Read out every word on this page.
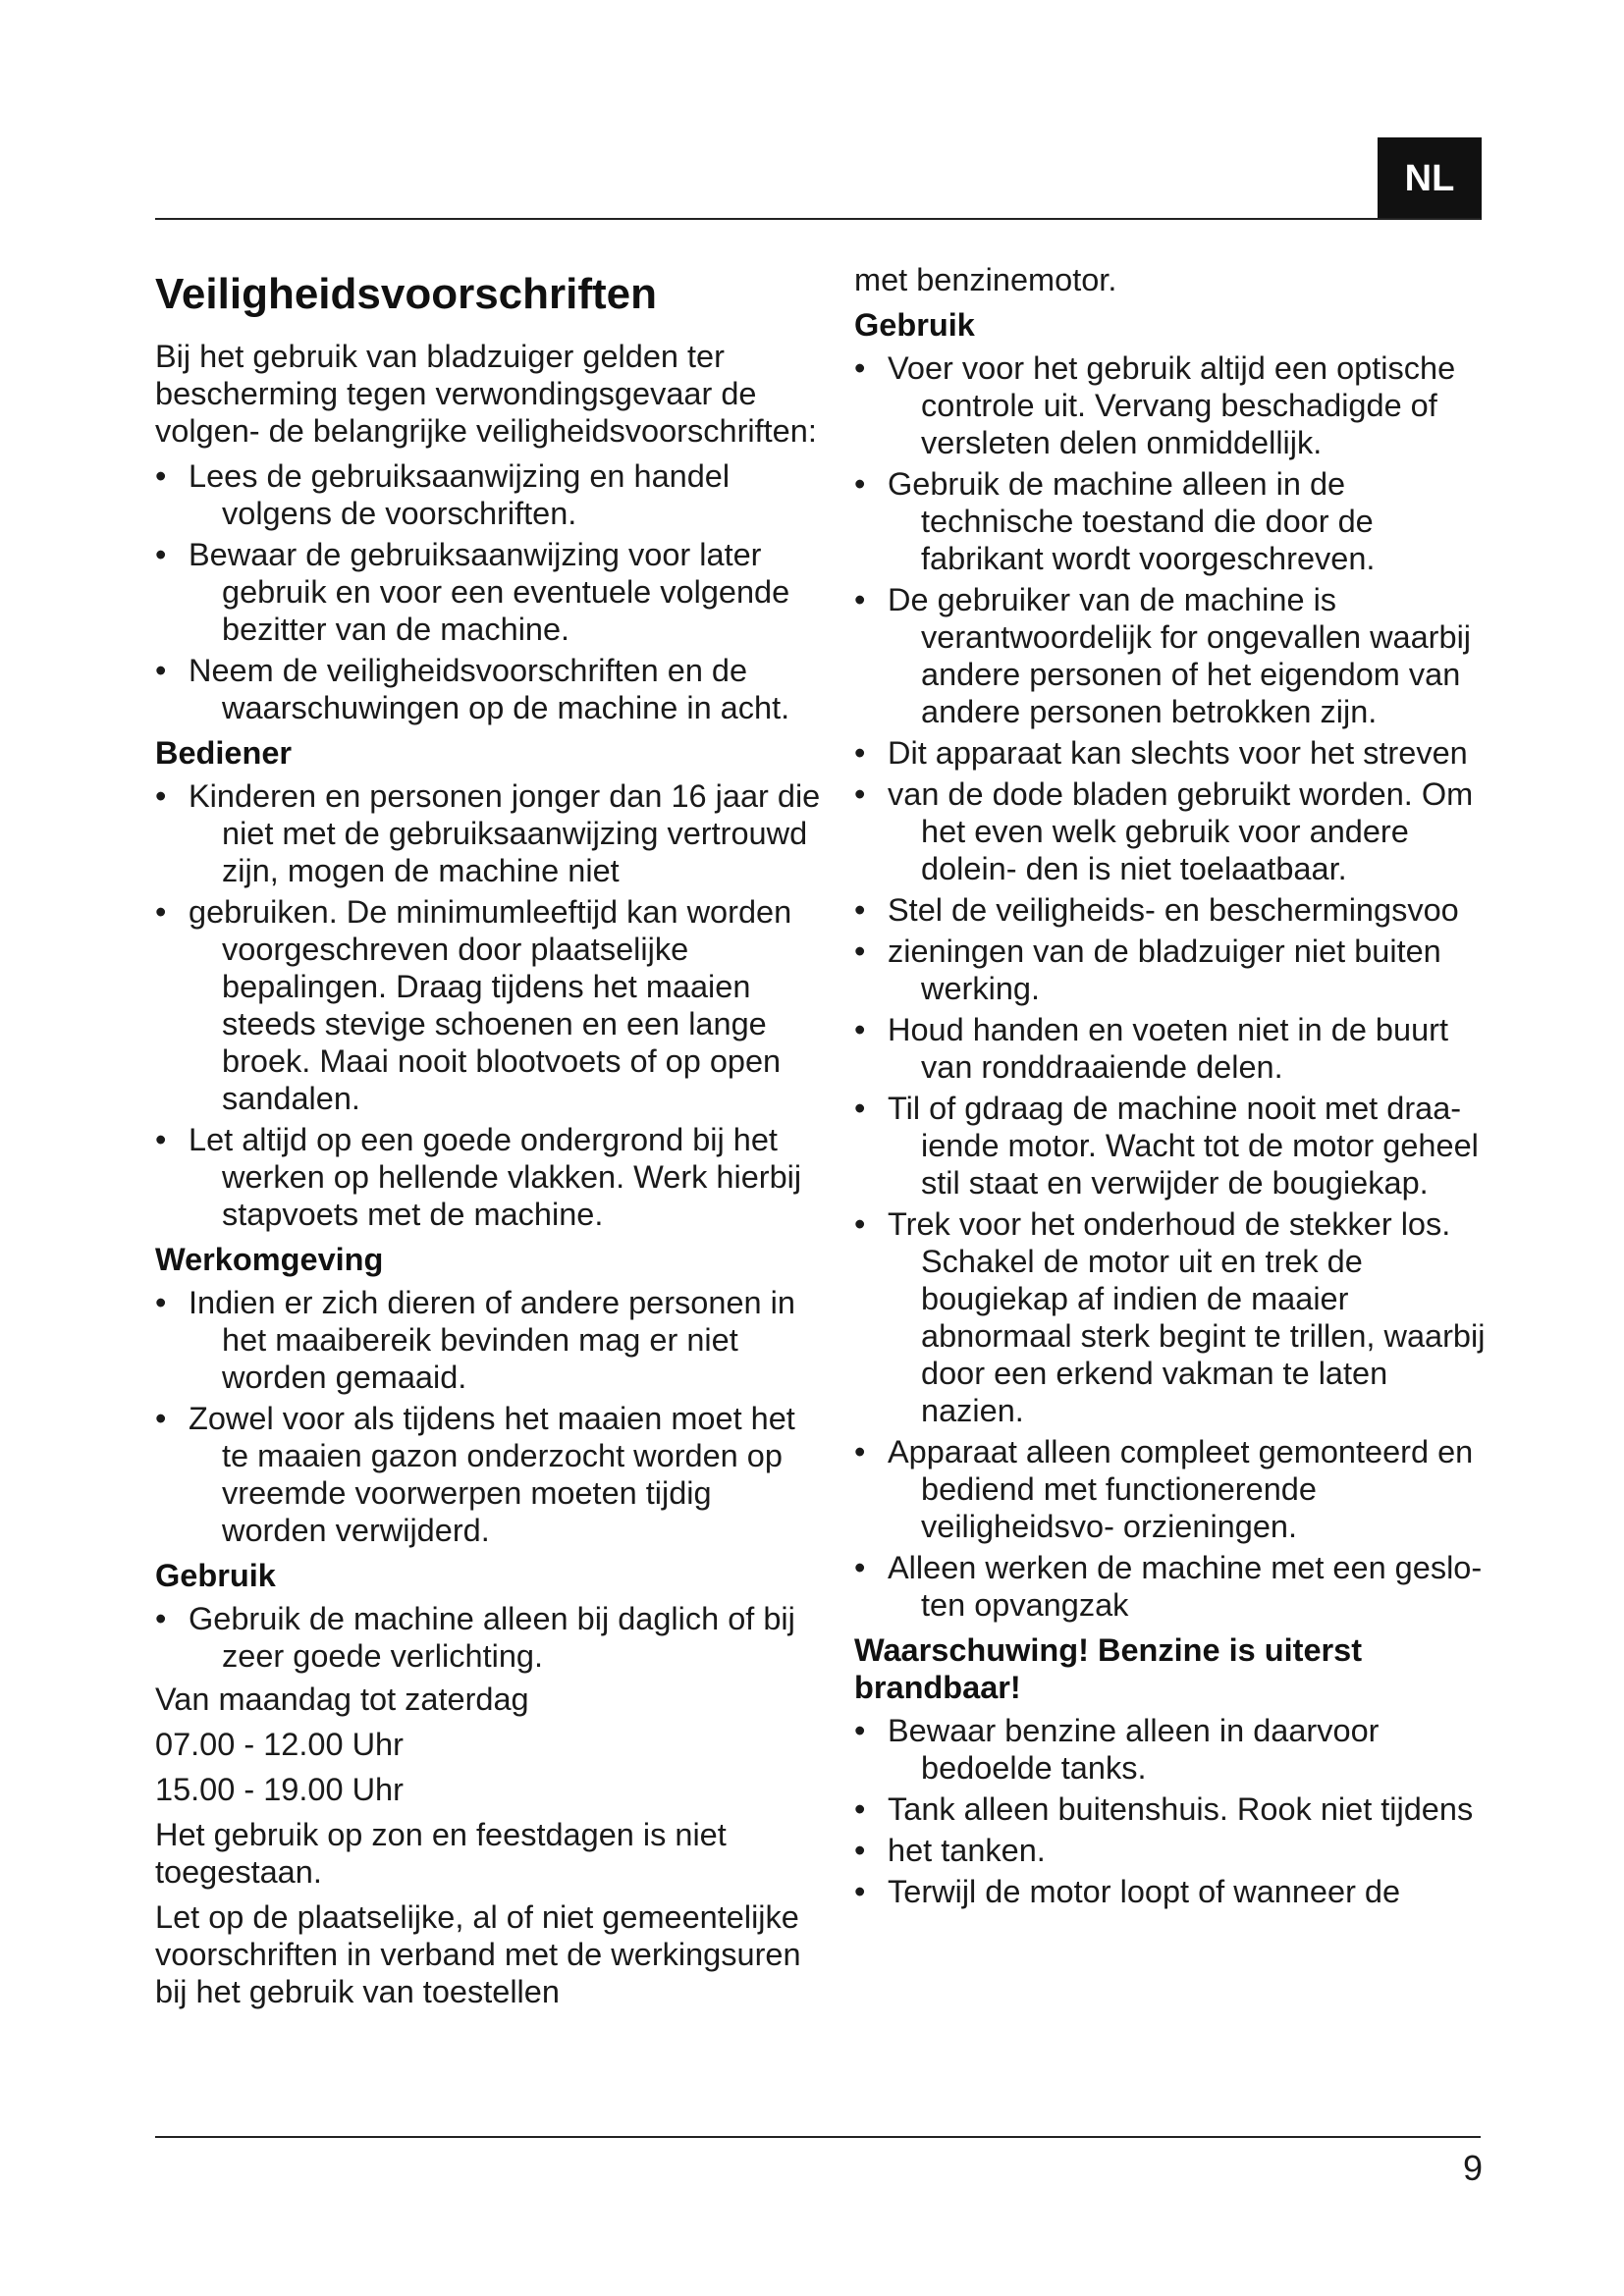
NL
Veiligheidsvoorschriften

Bij het gebruik van bladzuiger gelden ter bescherming tegen verwondingsgevaar de volgen- de belangrijke veiligheidsvoorschriften:

• Lees de gebruiksaanwijzing en handel volgens de voorschriften.
• Bewaar de gebruiksaanwijzing voor later gebruik en voor een eventuele volgende bezitter van de machine.
• Neem de veiligheidsvoorschriften en de waarschuwingen op de machine in acht.
Bediener
• Kinderen en personen jonger dan 16 jaar die niet met de gebruiksaanwijzing vertrouwd zijn, mogen de machine niet
• gebruiken. De minimumleeftijd kan worden voorgeschreven door plaatselijke bepalingen. Draag tijdens het maaien steeds stevige schoenen en een lange broek. Maai nooit blootvoets of op open sandalen.
• Let altijd op een goede ondergrond bij het werken op hellende vlakken. Werk hierbij stapvoets met de machine.
Werkomgeving
• Indien er zich dieren of andere personen in het maaibereik bevinden mag er niet worden gemaaid.
• Zowel voor als tijdens het maaien moet het te maaien gazon onderzocht worden op vreemde voorwerpen moeten tijdig worden verwijderd.
Gebruik
• Gebruik de machine alleen bij daglich of bij zeer goede verlichting.

Van maandag tot zaterdag

07.00 - 12.00 Uhr

15.00 - 19.00 Uhr

Het gebruik op zon en feestdagen is niet toegestaan.

Let op de plaatselijke, al of niet gemeentelijke voorschriften in verband met de werkingsuren bij het gebruik van toestellen

met benzinemotor.

Gebruik
• Voer voor het gebruik altijd een optische controle uit. Vervang beschadigde of versleten delen onmiddellijk.
• Gebruik de machine alleen in de technische toestand die door de fabrikant wordt voorgeschreven.
• De gebruiker van de machine is verantwoordelijk for ongevallen waarbij andere personen of het eigendom van andere personen betrokken zijn.
• Dit apparaat kan slechts voor het streven
• van de dode bladen gebruikt worden. Om het even welk gebruik voor andere dolein- den is niet toelaatbaar.
• Stel de veiligheids- en beschermingsvoo
• zieningen van de bladzuiger niet buiten werking.
• Houd handen en voeten niet in de buurt van ronddraaiende delen.
• Til of gdraag de machine nooit met draa- iende motor. Wacht tot de motor geheel stil staat en verwijder de bougiekap.
• Trek voor het onderhoud de stekker los. Schakel de motor uit en trek de bougiekap af indien de maaier abnormaal sterk begint te trillen, waarbij door een erkend vakman te laten nazien.
• Apparaat alleen compleet gemonteerd en bediend met functionerende veiligheidsvo- orzieningen.
• Alleen werken de machine met een geslo- ten opvangzak
Waarschuwing! Benzine is uiterst brandbaar!
• Bewaar benzine alleen in daarvoor bedoelde tanks.
• Tank alleen buitenshuis. Rook niet tijdens
• het tanken.
• Terwijl de motor loopt of wanneer de
9
